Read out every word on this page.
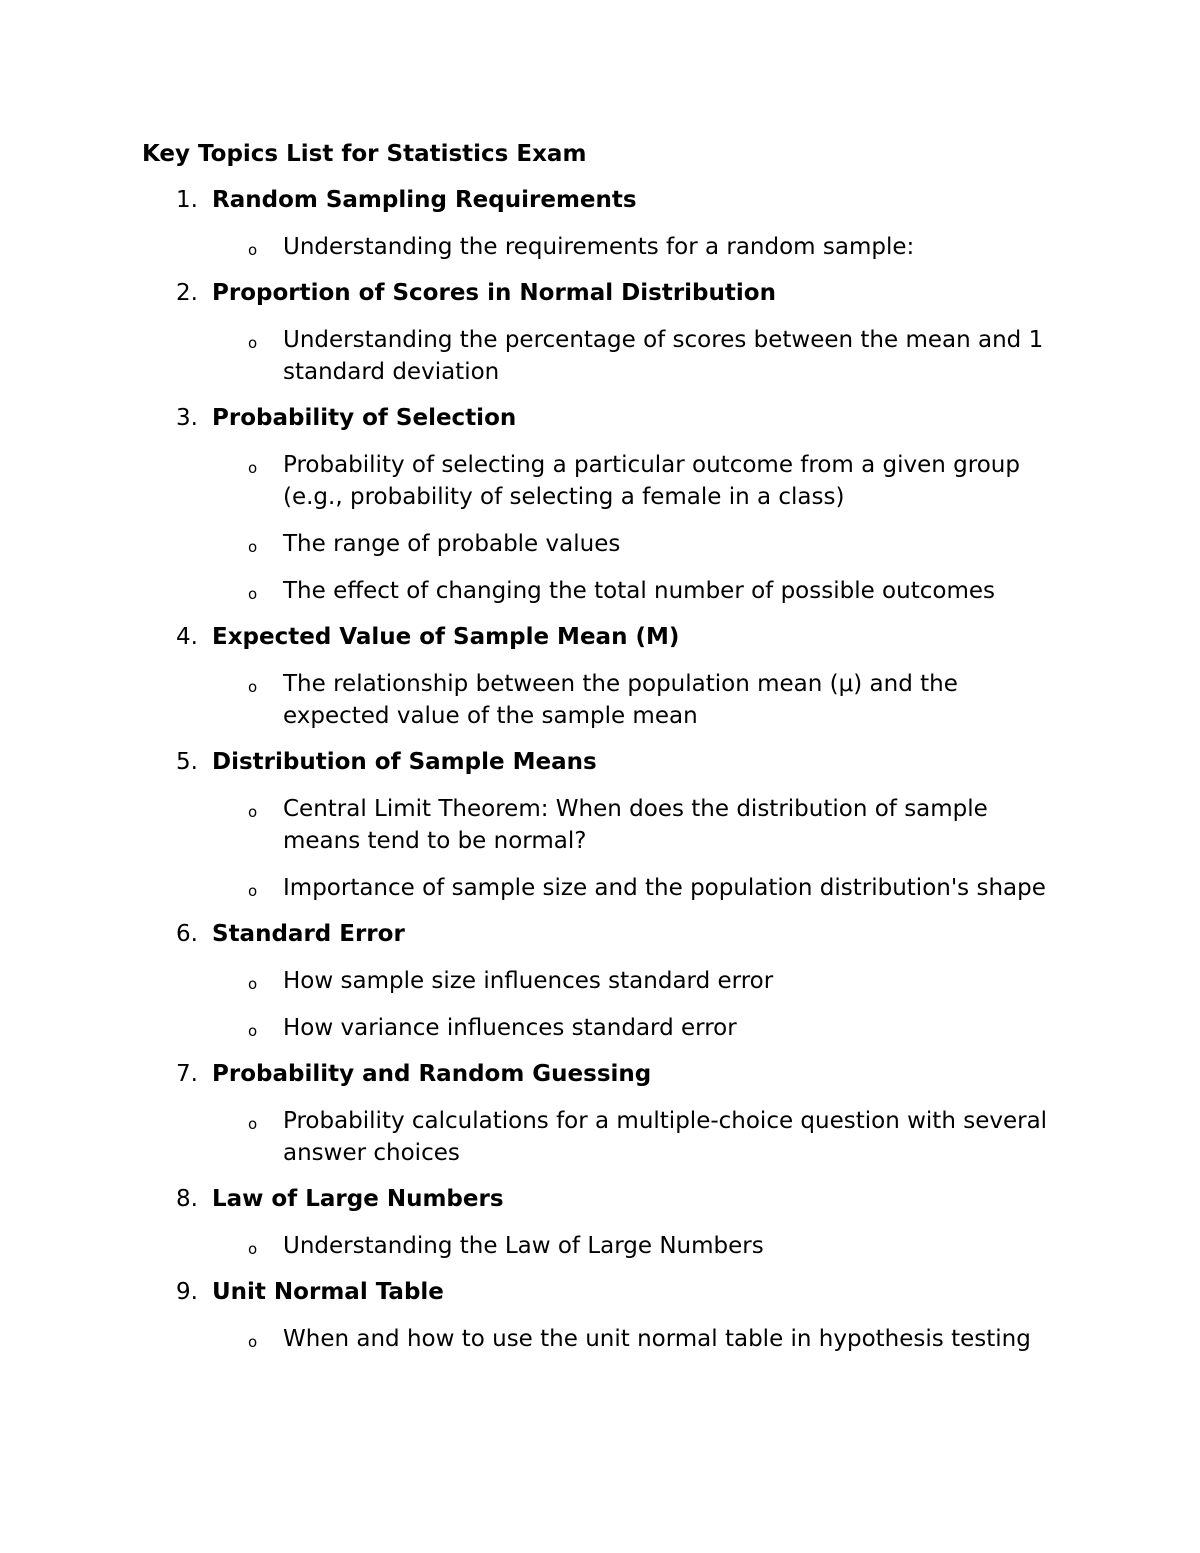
Key Topics List for Statistics Exam
1. Random Sampling Requirements
o Understanding the requirements for a random sample:
2. Proportion of Scores in Normal Distribution
o Understanding the percentage of scores between the mean and 1 standard deviation
3. Probability of Selection
o Probability of selecting a particular outcome from a given group (e.g., probability of selecting a female in a class)
o The range of probable values
o The effect of changing the total number of possible outcomes
4. Expected Value of Sample Mean (M)
o The relationship between the population mean (μ) and the expected value of the sample mean
5. Distribution of Sample Means
o Central Limit Theorem: When does the distribution of sample means tend to be normal?
o Importance of sample size and the population distribution's shape
6. Standard Error
o How sample size influences standard error
o How variance influences standard error
7. Probability and Random Guessing
o Probability calculations for a multiple-choice question with several answer choices
8. Law of Large Numbers
o Understanding the Law of Large Numbers
9. Unit Normal Table
o When and how to use the unit normal table in hypothesis testing
